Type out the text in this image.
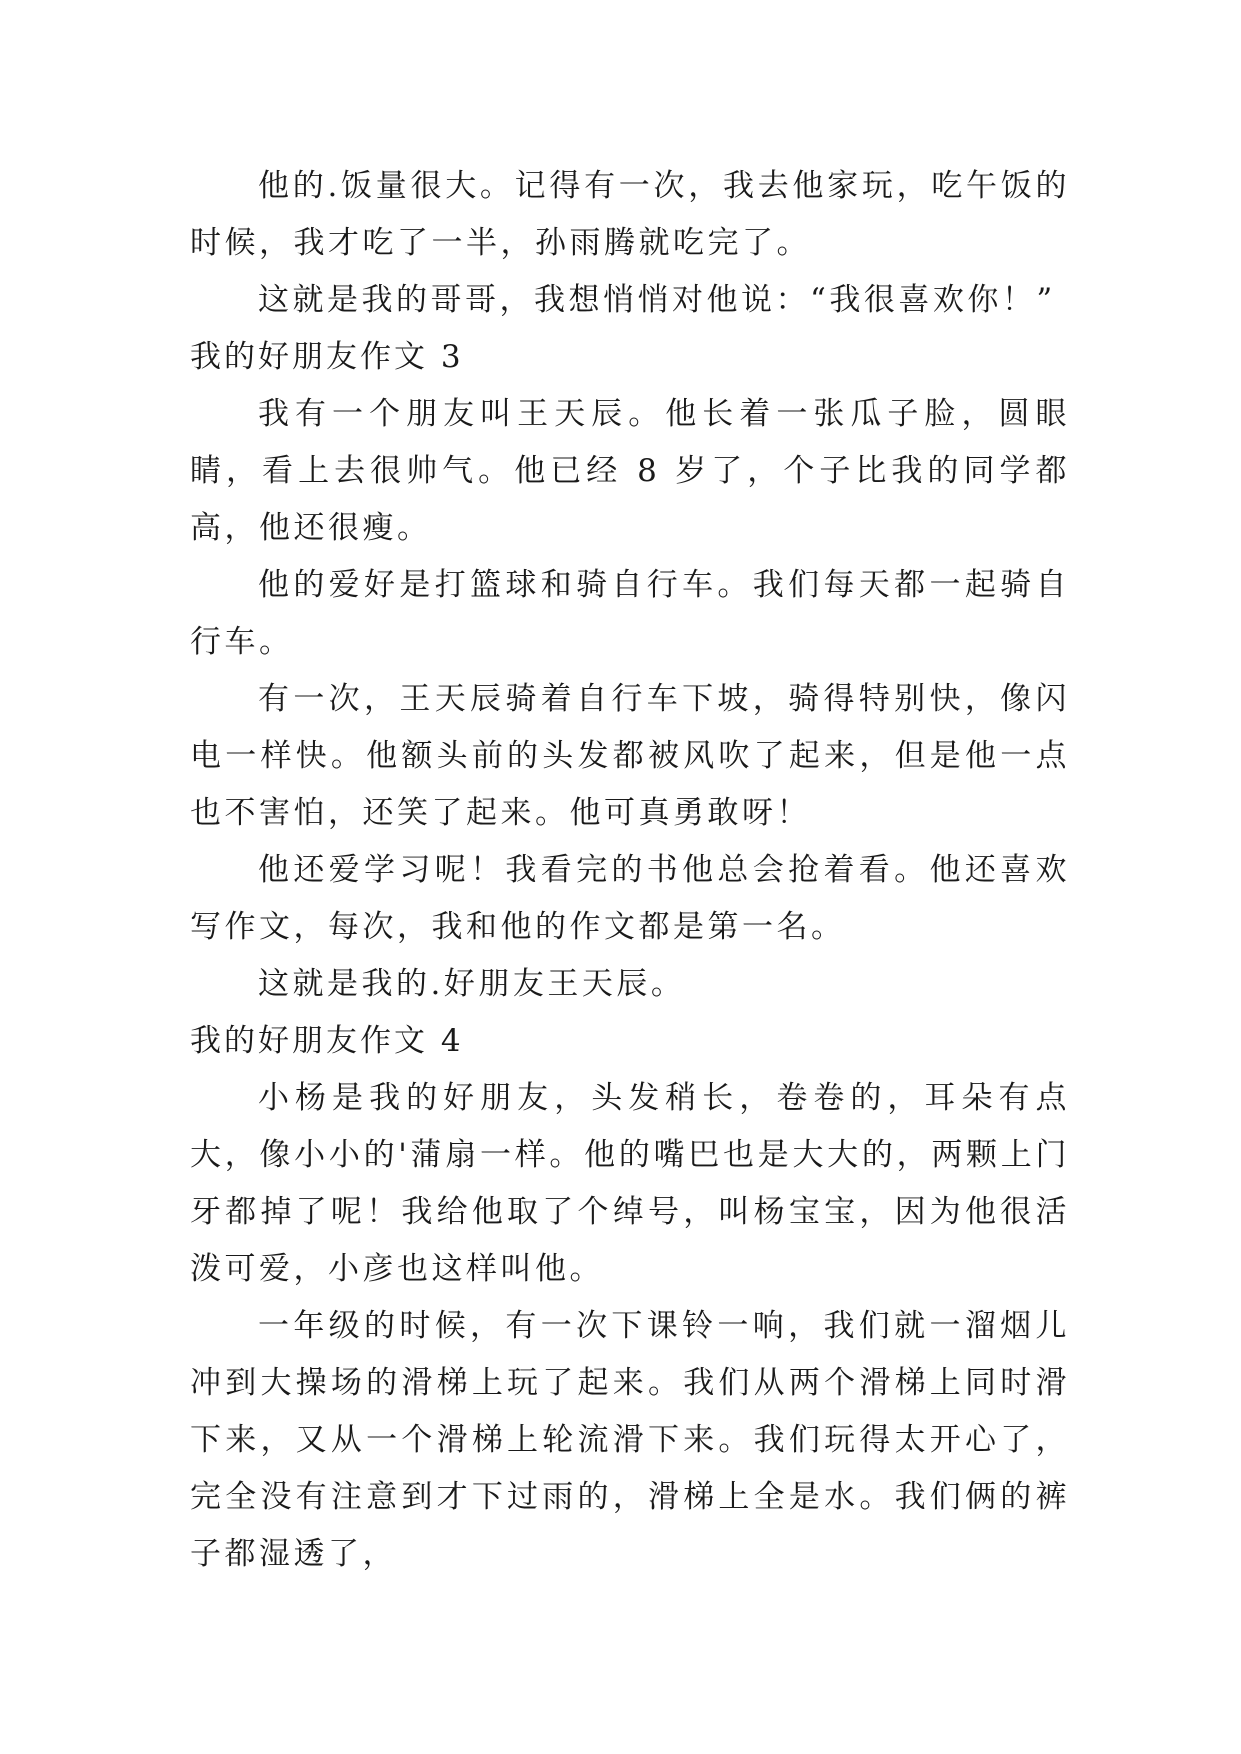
他的.饭量很大。记得有一次，我去他家玩，吃午饭的时候，我才吃了一半，孙雨腾就吃完了。

这就是我的哥哥，我想悄悄对他说：“我很喜欢你！”

我的好朋友作文 3

我有一个朋友叫王天辰。他长着一张瓜子脸，圆眼睛，看上去很帅气。他已经 8 岁了，个子比我的同学都高，他还很瘦。

他的爱好是打篮球和骑自行车。我们每天都一起骑自行车。

有一次，王天辰骑着自行车下坡，骑得特别快，像闪电一样快。他额头前的头发都被风吹了起来，但是他一点也不害怕，还笑了起来。他可真勇敢呀！

他还爱学习呢！我看完的书他总会抢着看。他还喜欢写作文，每次，我和他的作文都是第一名。

这就是我的.好朋友王天辰。

我的好朋友作文 4

小杨是我的好朋友，头发稍长，卷卷的，耳朵有点大，像小小的'蒲扇一样。他的嘴巴也是大大的，两颗上门牙都掉了呢！我给他取了个绰号，叫杨宝宝，因为他很活泼可爱，小彦也这样叫他。

一年级的时候，有一次下课铃一响，我们就一溜烟儿冲到大操场的滑梯上玩了起来。我们从两个滑梯上同时滑下来，又从一个滑梯上轮流滑下来。我们玩得太开心了，完全没有注意到才下过雨的，滑梯上全是水。我们俩的裤子都湿透了，
